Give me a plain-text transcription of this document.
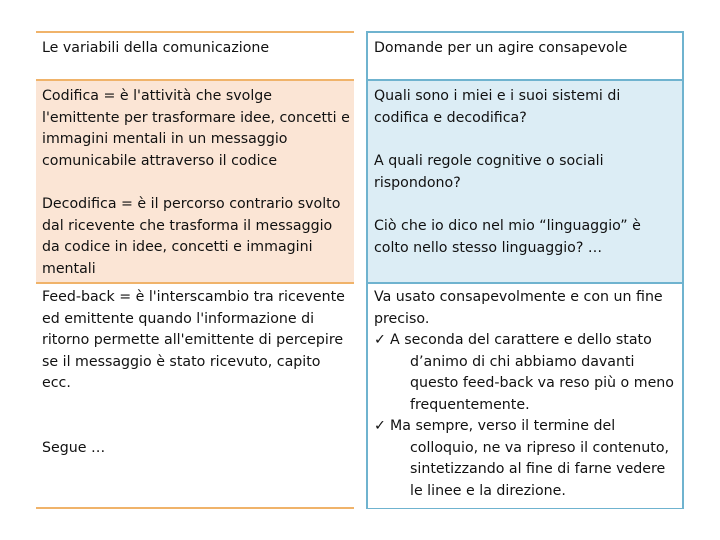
Le variabili della comunicazione	Domande per un agire consapevole

Codifica = è l'attività che svolge l'emittente per trasformare idee, concetti e immagini mentali in un messaggio comunicabile attraverso il codice

Decodifica = è il percorso contrario svolto dal ricevente che trasforma il messaggio da codice in idee, concetti e immagini mentali

Quali sono i miei e i suoi sistemi di codifica e decodifica?

A quali regole cognitive o sociali rispondono?

Ciò che io dico nel mio “linguaggio” è colto nello stesso linguaggio? …

Feed-back = è l'interscambio tra ricevente ed emittente quando l'informazione di ritorno permette all'emittente di percepire se il messaggio è stato ricevuto, capito ecc.

Segue …

Va usato consapevolmente e con un fine preciso.

✓ A seconda del carattere e dello stato

d’animo di chi abbiamo davanti questo feed-back va reso più o meno frequentemente.

✓ Ma sempre, verso il termine del

colloquio, ne va ripreso il contenuto, sintetizzando al fine di farne vedere le linee e la direzione.
